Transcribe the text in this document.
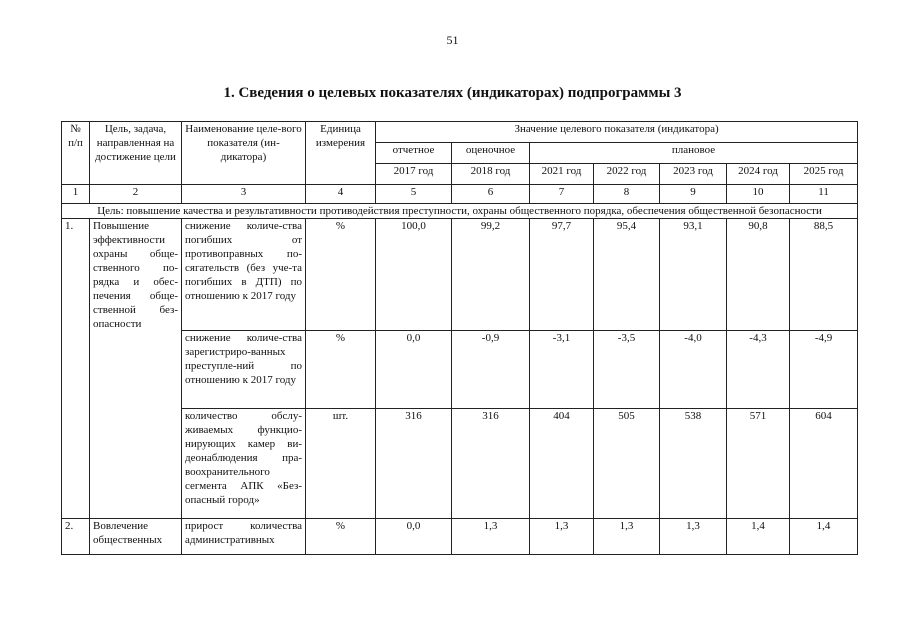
51
1. Сведения о целевых показателях (индикаторах) подпрограммы 3
№ п/п	Цель, задача, направленная на достижение цели	Наименование целе-вого показателя (ин-дикатора)	Единица измерения	Значение целевого показателя (индикатора)						
				отчетное	оценочное	плановое				
				2017 год	2018 год	2021 год	2022 год	2023 год	2024 год	2025 год
1	2	3	4	5	6	7	8	9	10	11
Цель: повышение качества и результативности противодействия преступности, охраны общественного порядка, обеспечения общественной безопасности										
1.	Повышение эффективности охраны обще-ственного по-рядка и обес-печения обще-ственной без-опасности	снижение количе-ства погибших от противоправных по-сягательств (без уче-та погибших в ДТП) по отношению к 2017 году	%	100,0	99,2	97,7	95,4	93,1	90,8	88,5
		снижение количе-ства зарегистриро-ванных преступле-ний по отношению к 2017 году	%	0,0	-0,9	-3,1	-3,5	-4,0	-4,3	-4,9
		количество обслу-живаемых функцио-нирующих камер ви-деонаблюдения пра-воохранительного сегмента АПК «Без-опасный город»	шт.	316	316	404	505	538	571	604
2.	Вовлечение общественных	прирост количества административных	%	0,0	1,3	1,3	1,3	1,3	1,4	1,4
